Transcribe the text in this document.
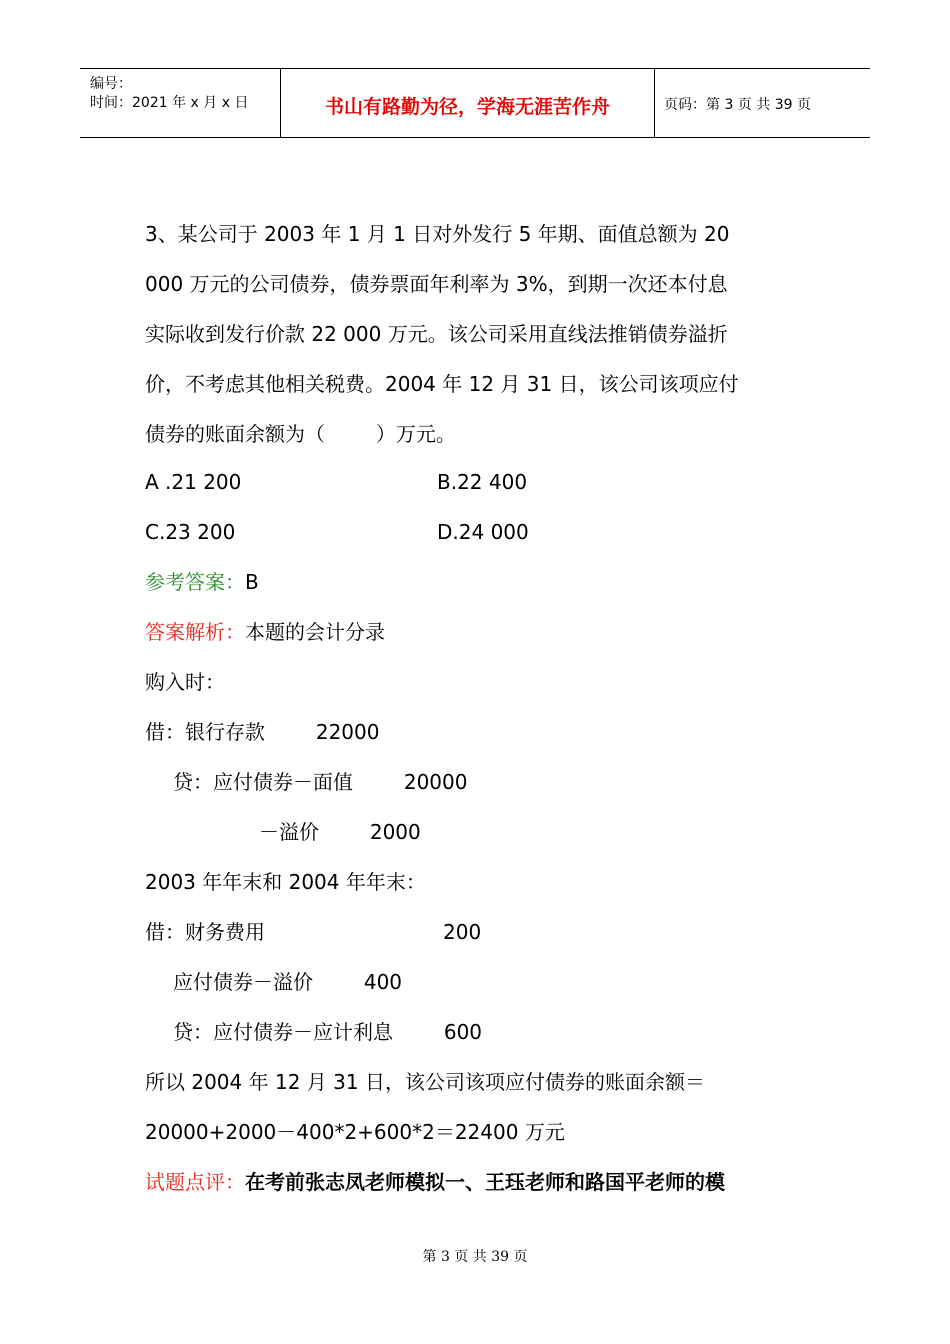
编号：
时间：2021 年 x 月 x 日	书山有路勤为径，学海无涯苦作舟	页码：第 3 页 共 39 页
3、某公司于 2003 年 1 月 1 日对外发行 5 年期、面值总额为 20
000 万元的公司债券，债券票面年利率为 3%，到期一次还本付息
实际收到发行价款 22 000 万元。该公司采用直线法推销债券溢折
价，不考虑其他相关税费。2004 年 12 月 31 日，该公司该项应付
债券的账面余额为（        ）万元。
A .21 200	B.22 400
C.23 200	D.24 000
参考答案：B
答案解析：本题的会计分录
购入时：
借：银行存款        22000
贷：应付债券－面值        20000
－溢价        2000
2003 年年末和 2004 年年末：
借：财务费用                            200
应付债券－溢价        400
贷：应付债券－应计利息        600
所以 2004 年 12 月 31 日，该公司该项应付债券的账面余额＝
20000+2000－400*2+600*2＝22400 万元
试题点评：在考前张志凤老师模拟一、王珏老师和路国平老师的模
第 3 页 共 39 页
